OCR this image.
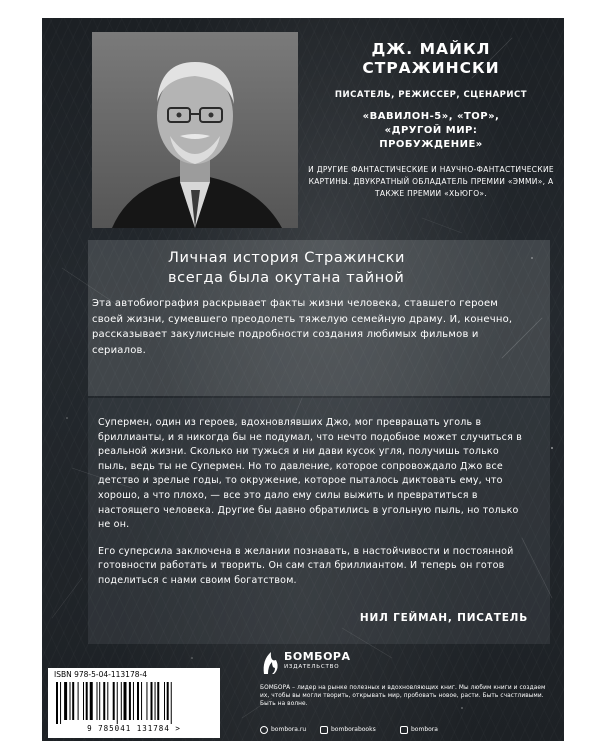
ДЖ. МАЙКЛ
СТРАЖИНСКИ
ПИСАТЕЛЬ, РЕЖИССЕР, СЦЕНАРИСТ
«ВАВИЛОН-5», «ТОР»,
«ДРУГОЙ МИР:
ПРОБУЖДЕНИЕ»
И ДРУГИЕ ФАНТАСТИЧЕСКИЕ И НАУЧНО-ФАНТАСТИЧЕСКИЕ КАРТИНЫ. ДВУКРАТНЫЙ ОБЛАДАТЕЛЬ ПРЕМИИ «ЭММИ», А ТАКЖЕ ПРЕМИИ «ХЬЮГО».
Личная история Стражински
всегда была окутана тайной
Эта автобиография раскрывает факты жизни человека, ставшего героем своей жизни, сумевшего преодолеть тяжелую семейную драму. И, конечно, рассказывает закулисные подробности создания любимых фильмов и сериалов.

Супермен, один из героев, вдохновлявших Джо, мог превращать уголь в бриллианты, и я никогда бы не подумал, что нечто подобное может случиться в реальной жизни. Сколько ни тужься и ни дави кусок угля, получишь только пыль, ведь ты не Супермен. Но то давление, которое сопровождало Джо все детство и зрелые годы, то окружение, которое пыталось диктовать ему, что хорошо, а что плохо, — все это дало ему силы выжить и превратиться в настоящего человека. Другие бы давно обратились в угольную пыль, но только не он.

Его суперсила заключена в желании познавать, в настойчивости и постоянной готовности работать и творить. Он сам стал бриллиантом. И теперь он готов поделиться с нами своим богатством.

НИЛ ГЕЙМАН, ПИСАТЕЛЬ
ISBN 978-5-04-113178-4
9 785041 131784 >
БОМБОРА
ИЗДАТЕЛЬСТВО
БОМБОРА – лидер на рынке полезных и вдохновляющих книг. Мы любим книги и создаем их, чтобы вы могли творить, открывать мир, пробовать новое, расти. Быть счастливыми. Быть на волне.
bombora.ru	bomborabooks	bombora
